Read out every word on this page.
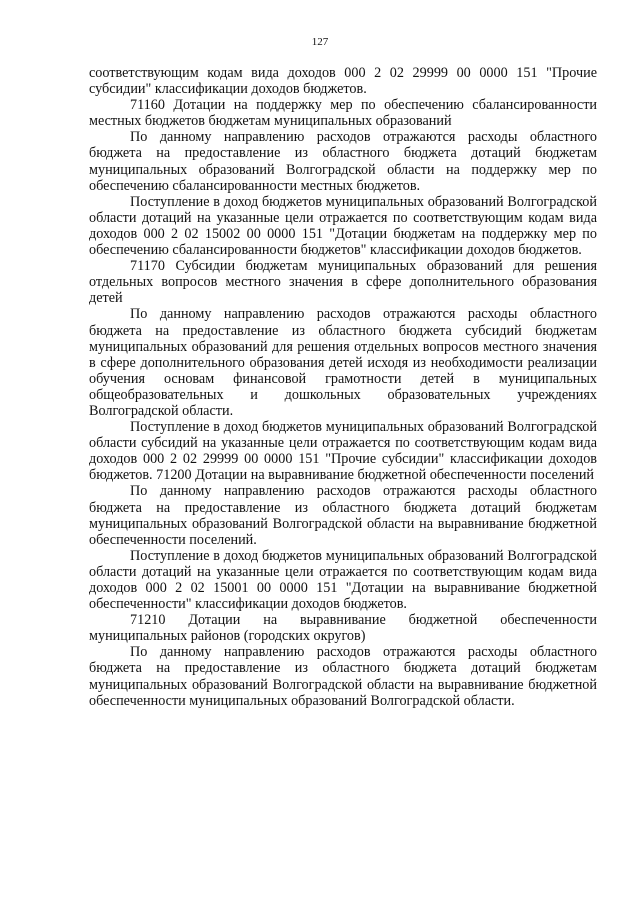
127

соответствующим кодам вида доходов 000 2 02 29999 00 0000 151 "Прочие субсидии" классификации доходов бюджетов.

71160 Дотации на поддержку мер по обеспечению сбалансированности местных бюджетов бюджетам муниципальных образований

По данному направлению расходов отражаются расходы областного бюджета на предоставление из областного бюджета дотаций бюджетам муниципальных образований Волгоградской области на поддержку мер по обеспечению сбалансированности местных бюджетов.

Поступление в доход бюджетов муниципальных образований Волгоградской области дотаций на указанные цели отражается по соответствующим кодам вида доходов 000 2 02 15002 00 0000 151 "Дотации бюджетам на поддержку мер по обеспечению сбалансированности бюджетов" классификации доходов бюджетов.

71170 Субсидии бюджетам муниципальных образований для решения отдельных вопросов местного значения в сфере дополнительного образования детей

По данному направлению расходов отражаются расходы областного бюджета на предоставление из областного бюджета субсидий бюджетам муниципальных образований для решения отдельных вопросов местного значения в сфере дополнительного образования детей исходя из необходимости реализации обучения основам финансовой грамотности детей в муниципальных общеобразовательных и дошкольных образовательных учреждениях Волгоградской области.

Поступление в доход бюджетов муниципальных образований Волгоградской области субсидий на указанные цели отражается по соответствующим кодам вида доходов 000 2 02 29999 00 0000 151 "Прочие субсидии" классификации доходов бюджетов. 71200 Дотации на выравнивание бюджетной обеспеченности поселений

По данному направлению расходов отражаются расходы областного бюджета на предоставление из областного бюджета дотаций бюджетам муниципальных образований Волгоградской области на выравнивание бюджетной обеспеченности поселений.

Поступление в доход бюджетов муниципальных образований Волгоградской области дотаций на указанные цели отражается по соответствующим кодам вида доходов 000 2 02 15001 00 0000 151 "Дотации на выравнивание бюджетной обеспеченности" классификации доходов бюджетов.

71210 Дотации на выравнивание бюджетной обеспеченности муниципальных районов (городских округов)

По данному направлению расходов отражаются расходы областного бюджета на предоставление из областного бюджета дотаций бюджетам муниципальных образований Волгоградской области на выравнивание бюджетной обеспеченности муниципальных образований Волгоградской области.
